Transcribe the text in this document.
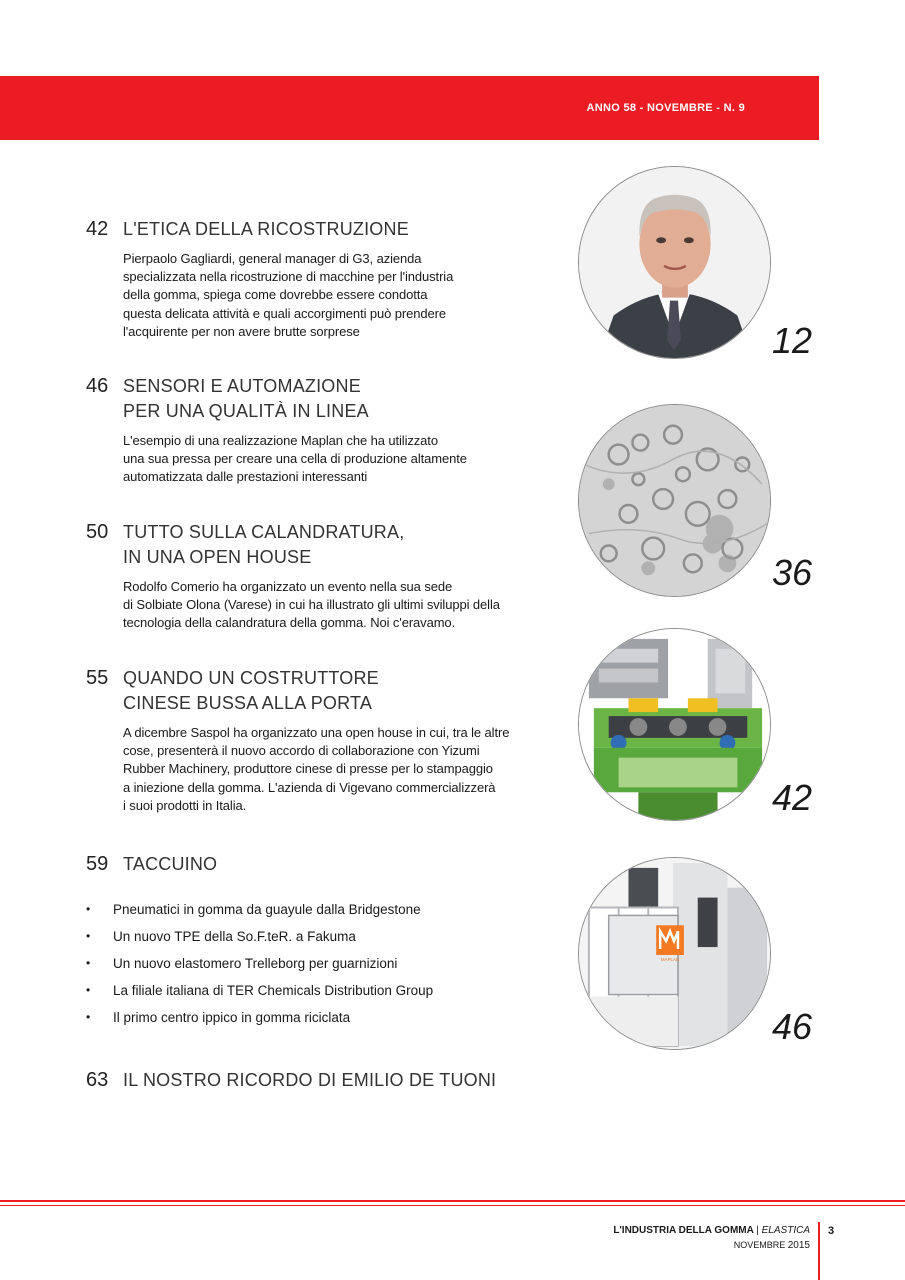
ANNO 58 - NOVEMBRE - N. 9
42 L'ETICA DELLA RICOSTRUZIONE
Pierpaolo Gagliardi, general manager di G3, azienda
specializzata nella ricostruzione di macchine per l'industria
della gomma, spiega come dovrebbe essere condotta
questa delicata attività e quali accorgimenti può prendere
l'acquirente per non avere brutte sorprese
46 SENSORI E AUTOMAZIONE
PER UNA QUALITÀ IN LINEA
L'esempio di una realizzazione Maplan che ha utilizzato
una sua pressa per creare una cella di produzione altamente
automatizzata dalle prestazioni interessanti
50 TUTTO SULLA CALANDRATURA,
IN UNA OPEN HOUSE
Rodolfo Comerio ha organizzato un evento nella sua sede
di Solbiate Olona (Varese) in cui ha illustrato gli ultimi sviluppi della
tecnologia della calandratura della gomma. Noi c'eravamo.
55 QUANDO UN COSTRUTTORE
CINESE BUSSA ALLA PORTA
A dicembre Saspol ha organizzato una open house in cui, tra le altre
cose, presenterà il nuovo accordo di collaborazione con Yizumi
Rubber Machinery, produttore cinese di presse per lo stampaggio
a iniezione della gomma. L'azienda di Vigevano commercializzerà
i suoi prodotti in Italia.
59 TACCUINO
• Pneumatici in gomma da guayule dalla Bridgestone
• Un nuovo TPE della So.F.teR. a Fakuma
• Un nuovo elastomero Trelleborg per guarnizioni
• La filiale italiana di TER Chemicals Distribution Group
• Il primo centro ippico in gomma riciclata
63 IL NOSTRO RICORDO DI EMILIO DE TUONI
12
36
42
MAPLAN
46
L'INDUSTRIA DELLA GOMMA | ELASTICA
NOVEMBRE 2015
3
